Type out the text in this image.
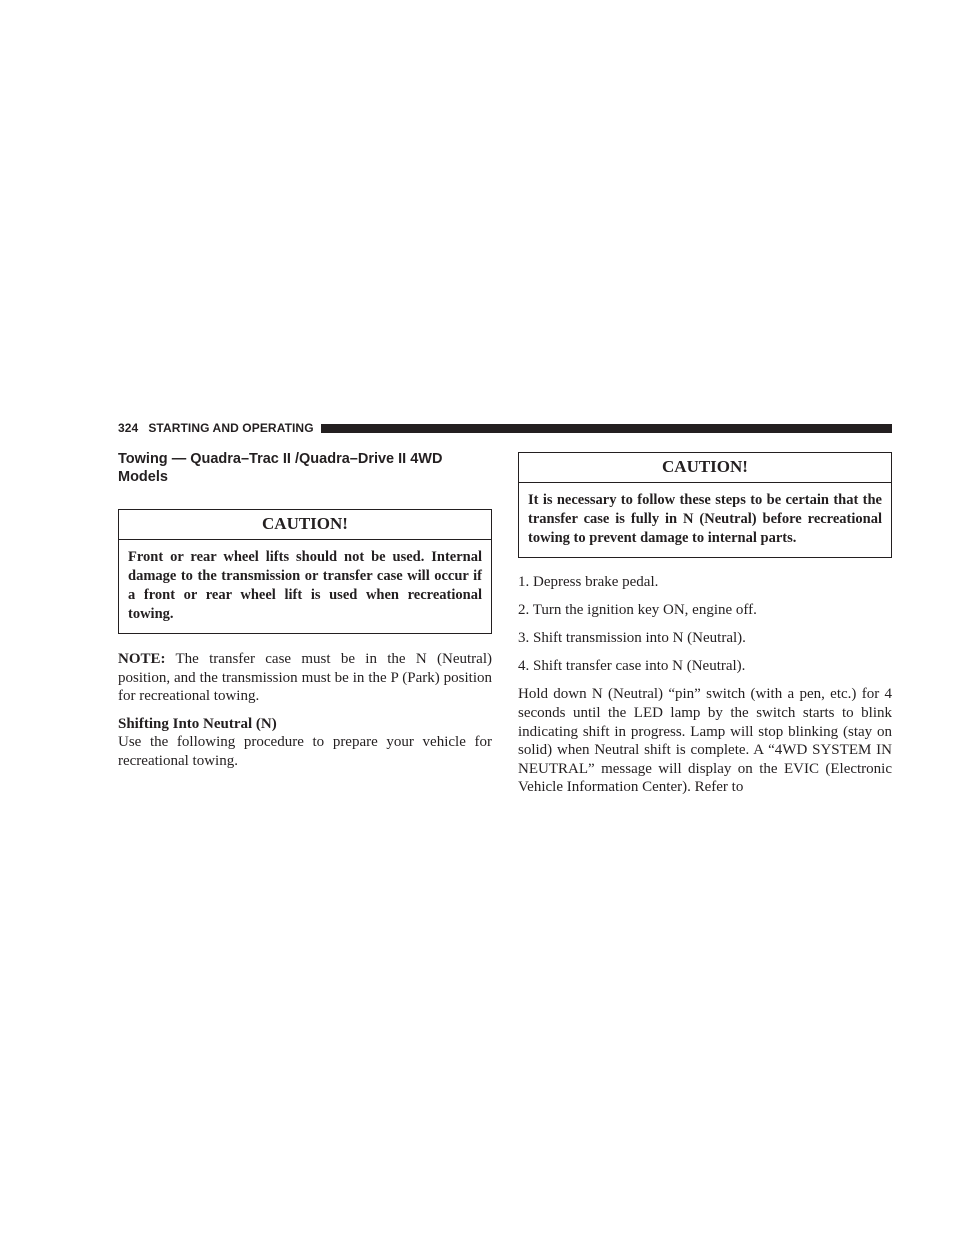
324 STARTING AND OPERATING
Towing — Quadra–Trac II /Quadra–Drive II 4WD Models
CAUTION!
Front or rear wheel lifts should not be used. Internal damage to the transmission or transfer case will occur if a front or rear wheel lift is used when recreational towing.

NOTE: The transfer case must be in the N (Neutral) position, and the transmission must be in the P (Park) position for recreational towing.

Shifting Into Neutral (N)

Use the following procedure to prepare your vehicle for recreational towing.

CAUTION!
It is necessary to follow these steps to be certain that the transfer case is fully in N (Neutral) before recreational towing to prevent damage to internal parts.
1. Depress brake pedal.
2. Turn the ignition key ON, engine off.
3. Shift transmission into N (Neutral).
4. Shift transfer case into N (Neutral).

Hold down N (Neutral) “pin” switch (with a pen, etc.) for 4 seconds until the LED lamp by the switch starts to blink indicating shift in progress. Lamp will stop blinking (stay on solid) when Neutral shift is complete. A “4WD SYSTEM IN NEUTRAL” message will display on the EVIC (Electronic Vehicle Information Center). Refer to
